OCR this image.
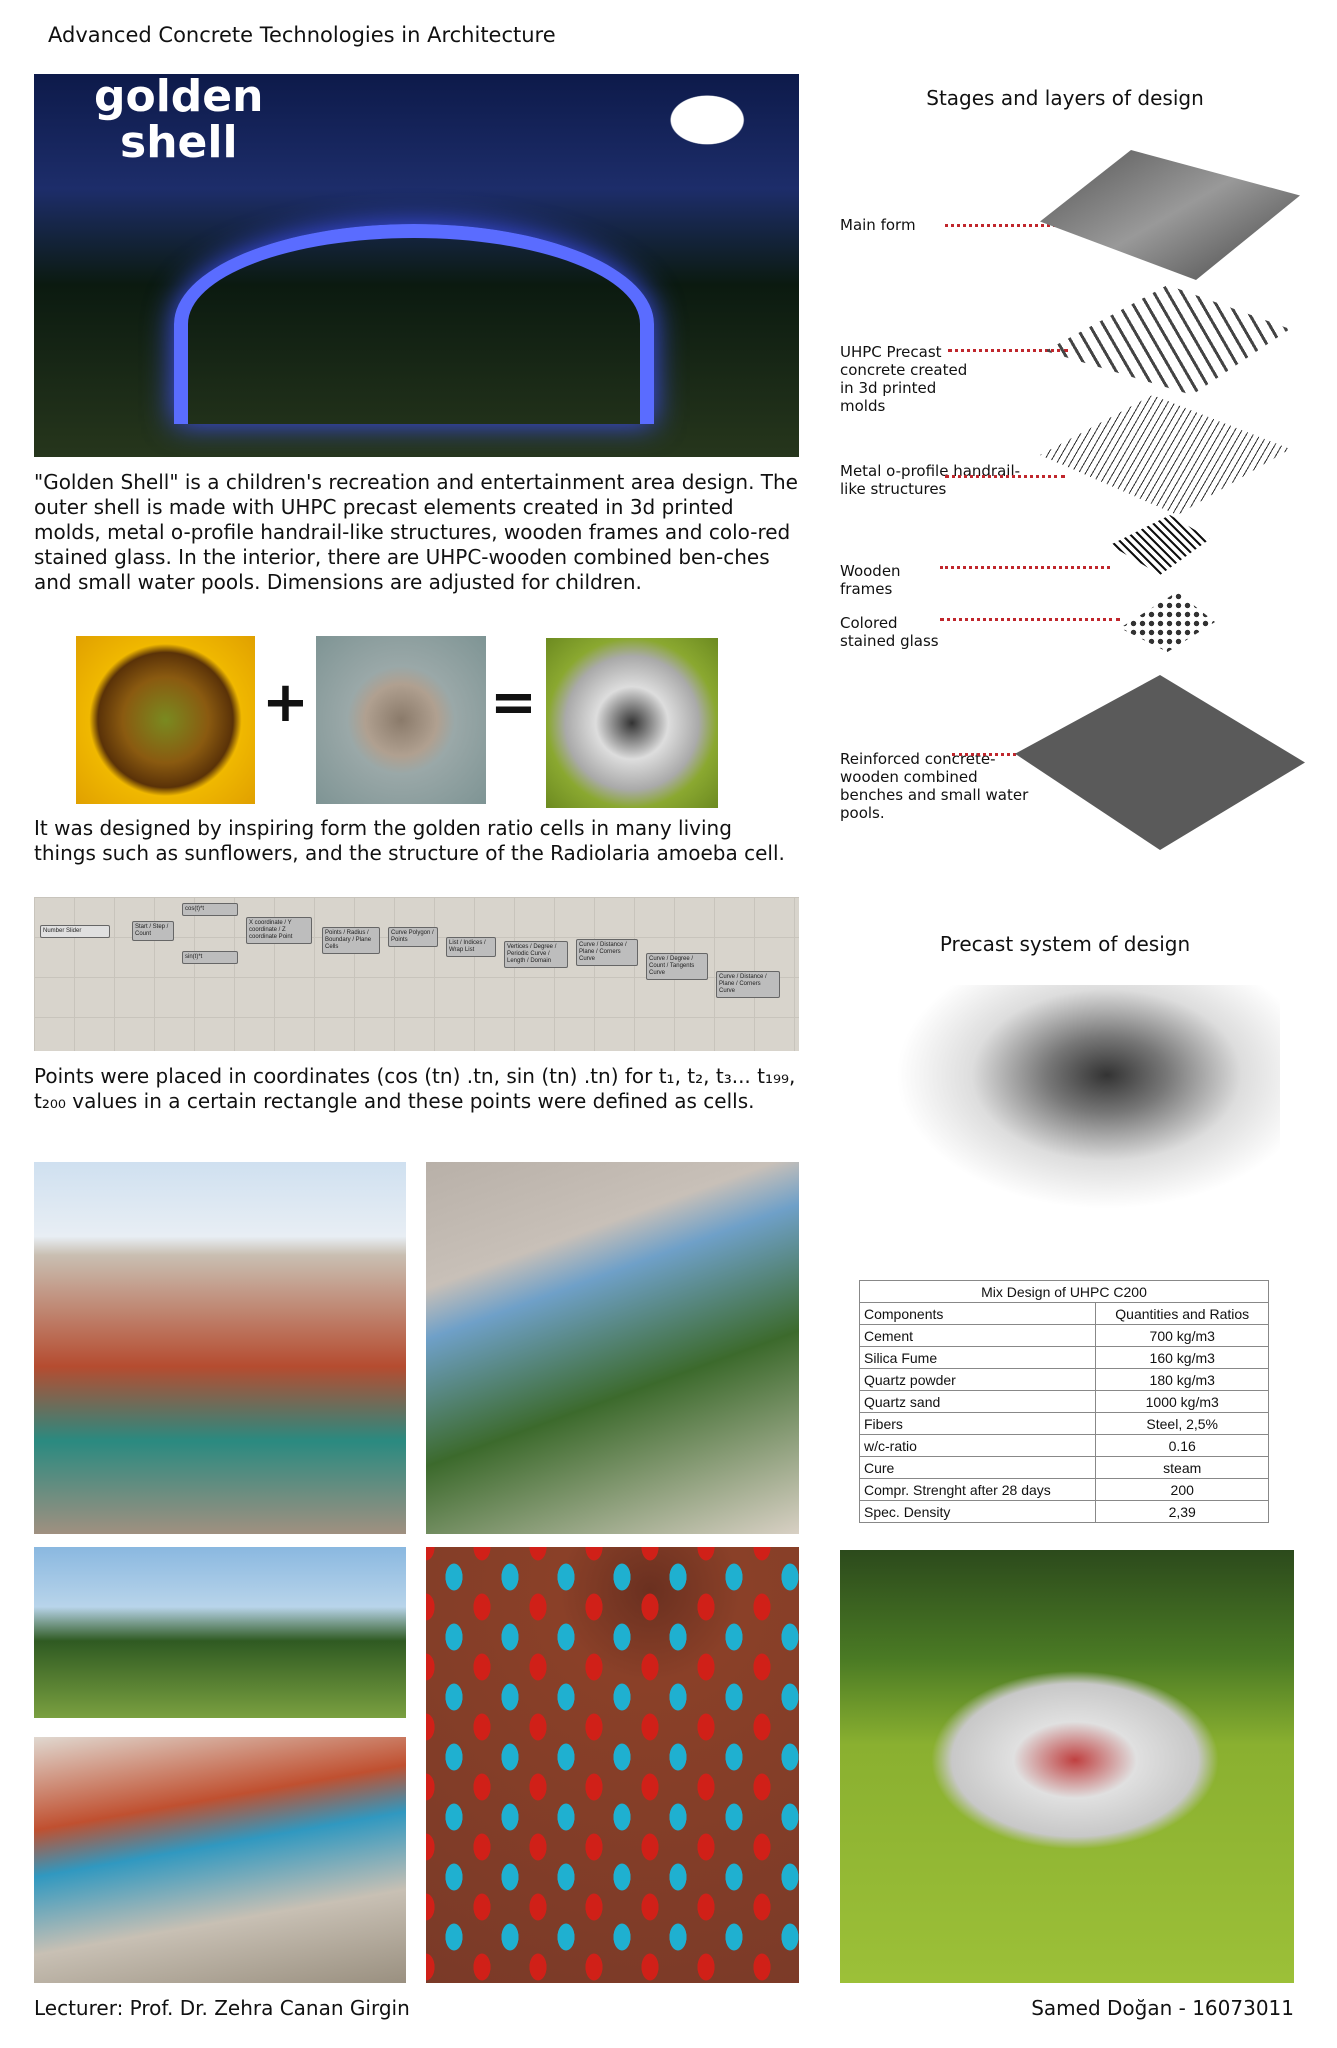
Advanced Concrete Technologies in Architecture
golden
shell
"Golden Shell" is a children's recreation and entertainment area design. The outer shell is made with UHPC precast elements created in 3d printed molds, metal o-profile handrail-like structures, wooden frames and colo-red stained glass. In the interior, there are UHPC-wooden combined ben-ches and small water pools. Dimensions are adjusted for children.
+	=
It was designed by inspiring form the golden ratio cells in many living things such as sunflowers, and the structure of the Radiolaria amoeba cell.
Number Slider
Start / Step / Count
cos(t)*t
sin(t)*t
X coordinate / Y coordinate / Z coordinate Point
Points / Radius / Boundary / Plane Cells
Curve Polygon / Points	List / Indices / Wrap List	Vertices / Degree / Periodic Curve / Length / Domain
Curve / Distance / Plane / Corners Curve	Curve / Degree / Count / Tangents Curve
Curve / Distance / Plane / Corners Curve
Points were placed in coordinates (cos (tn) .tn, sin (tn) .tn) for t₁, t₂, t₃... t₁₉₉, t₂₀₀ values in a certain rectangle and these points were defined as cells.
Lecturer: Prof. Dr. Zehra Canan Girgin	Samed Doğan - 16073011
Stages and layers of design
Main form
UHPC Precast concrete created in 3d printed molds
Metal o-profile handrail-like structures
Wooden frames
Colored stained glass
Reinforced concrete-wooden combined benches and small water pools.
Precast system of design
Mix Design of UHPC C200	
Components	Quantities and Ratios
Cement	700 kg/m3
Silica Fume	160 kg/m3
Quartz powder	180 kg/m3
Quartz sand	1000 kg/m3
Fibers	Steel, 2,5%
w/c-ratio	0.16
Cure	steam
Compr. Strenght after 28 days	200
Spec. Density	2,39
